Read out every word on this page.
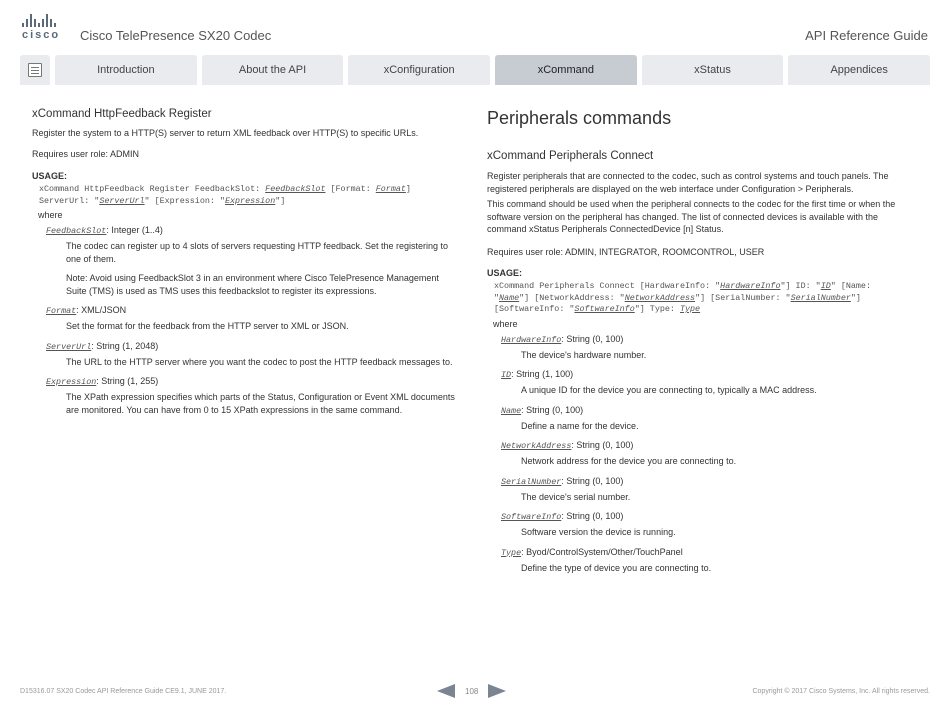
cisco Cisco TelePresence SX20 Codec	API Reference Guide
Introduction	About the API	xConfiguration	xCommand	xStatus	Appendices
xCommand HttpFeedback Register

Register the system to a HTTP(S) server to return XML feedback over HTTP(S) to specific URLs.

Requires user role: ADMIN

USAGE:
xCommand HttpFeedback Register FeedbackSlot: FeedbackSlot [Format: Format]
ServerUrl: "ServerUrl" [Expression: "Expression"]
where
FeedbackSlot: Integer (1..4)

The codec can register up to 4 slots of servers requesting HTTP feedback. Set the registering to one of them.

Note: Avoid using FeedbackSlot 3 in an environment where Cisco TelePresence Management Suite (TMS) is used as TMS uses this feedbackslot to register its expressions.

Format: XML/JSON

Set the format for the feedback from the HTTP server to XML or JSON.

ServerUrl: String (1, 2048)

The URL to the HTTP server where you want the codec to post the HTTP feedback messages to.

Expression: String (1, 255)

The XPath expression specifies which parts of the Status, Configuration or Event XML documents are monitored. You can have from 0 to 15 XPath expressions in the same command.

Peripherals commands
xCommand Peripherals Connect

Register peripherals that are connected to the codec, such as control systems and touch panels. The registered peripherals are displayed on the web interface under Configuration > Peripherals.

This command should be used when the peripheral connects to the codec for the first time or when the software version on the peripheral has changed. The list of connected devices is available with the command xStatus Peripherals ConnectedDevice [n] Status.

Requires user role: ADMIN, INTEGRATOR, ROOMCONTROL, USER

USAGE:
xCommand Peripherals Connect [HardwareInfo: "HardwareInfo"] ID: "ID" [Name:
"Name"] [NetworkAddress: "NetworkAddress"] [SerialNumber: "SerialNumber"]
[SoftwareInfo: "SoftwareInfo"] Type: Type
where
HardwareInfo: String (0, 100)

The device's hardware number.

ID: String (1, 100)

A unique ID for the device you are connecting to, typically a MAC address.

Name: String (0, 100)

Define a name for the device.

NetworkAddress: String (0, 100)

Network address for the device you are connecting to.

SerialNumber: String (0, 100)

The device's serial number.

SoftwareInfo: String (0, 100)

Software version the device is running.

Type: Byod/ControlSystem/Other/TouchPanel

Define the type of device you are connecting to.

D15316.07 SX20 Codec API Reference Guide CE9.1, JUNE 2017.	108	Copyright © 2017 Cisco Systems, Inc. All rights reserved.
